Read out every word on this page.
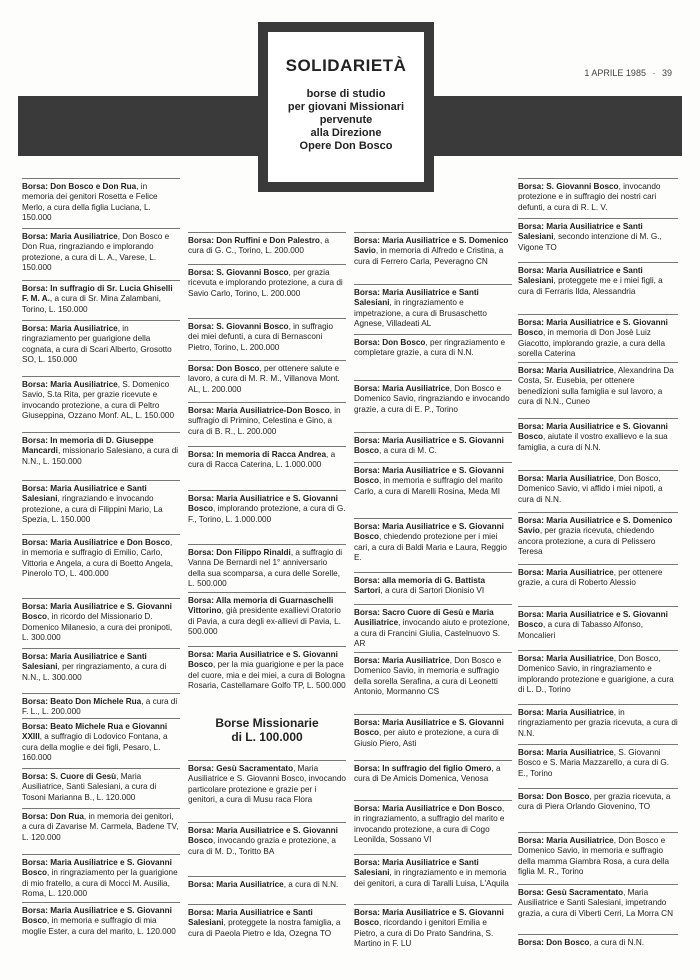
SOLIDARIETÀ
borse di studio
per giovani Missionari
pervenute
alla Direzione
Opere Don Bosco
1 APRILE 1985 · 39
Borse Missionarie
di L. 100.000
Borsa: Don Bosco e Don Rua, in memoria dei genitori Rosetta e Felice Merlo, a cura della figlia Luciana, L. 150.000
Borsa: Maria Ausiliatrice, Don Bosco e Don Rua, ringraziando e implorando protezione, a cura di L. A., Varese, L. 150.000
Borsa: In suffragio di Sr. Lucia Ghiselli F. M. A., a cura di Sr. Mina Zalambani, Torino, L. 150.000
Borsa: Maria Ausiliatrice, in ringraziamento per guarigione della cognata, a cura di Scari Alberto, Grosotto SO, L. 150.000
Borsa: Maria Ausiliatrice, S. Domenico Savio, S.ta Rita, per grazie ricevute e invocando protezione, a cura di Peltro Giuseppina, Ozzano Monf. AL, L. 150.000
Borsa: In memoria di D. Giuseppe Mancardi, missionario Salesiano, a cura di N.N., L. 150.000
Borsa: Maria Ausiliatrice e Santi Salesiani, ringraziando e invocando protezione, a cura di Filippini Mario, La Spezia, L. 150.000
Borsa: Maria Ausiliatrice e Don Bosco, in memoria e suffragio di Emilio, Carlo, Vittoria e Angela, a cura di Boetto Angela, Pinerolo TO, L. 400.000
Borsa: Maria Ausiliatrice e S. Giovanni Bosco, in ricordo del Missionario D. Domenico Milanesio, a cura dei pronipoti, L. 300.000
Borsa: Maria Ausiliatrice e Santi Salesiani, per ringraziamento, a cura di N.N., L. 300.000
Borsa: Beato Don Michele Rua, a cura di F. L., L. 200.000
Borsa: Beato Michele Rua e Giovanni XXIII, a suffragio di Lodovico Fontana, a cura della moglie e dei figli, Pesaro, L. 160.000
Borsa: S. Cuore di Gesù, Maria Ausiliatrice, Santi Salesiani, a cura di Tosoni Marianna B., L. 120.000
Borsa: Don Rua, in memoria dei genitori, a cura di Zavarise M. Carmela, Badene TV, L. 120.000
Borsa: Maria Ausiliatrice e S. Giovanni Bosco, in ringraziamento per la guarigione di mio fratello, a cura di Mocci M. Ausilia, Roma, L. 120.000
Borsa: Maria Ausiliatrice e S. Giovanni Bosco, in memoria e suffragio di mia moglie Ester, a cura del marito, L. 120.000
Borsa: Don Ruffini e Don Palestro, a cura di G. C., Torino, L. 200.000
Borsa: S. Giovanni Bosco, per grazia ricevuta e implorando protezione, a cura di Savio Carlo, Torino, L. 200.000
Borsa: S. Giovanni Bosco, in suffragio dei miei defunti, a cura di Bernasconi Pietro, Torino, L. 200.000
Borsa: Don Bosco, per ottenere salute e lavoro, a cura di M. R. M., Villanova Mont. AL, L. 200.000
Borsa: Maria Ausiliatrice-Don Bosco, in suffragio di Primino, Celestina e Gino, a cura di B. R., L. 200.000
Borsa: In memoria di Racca Andrea, a cura di Racca Caterina, L. 1.000.000
Borsa: Maria Ausiliatrice e S. Giovanni Bosco, implorando protezione, a cura di G. F., Torino, L. 1.000.000
Borsa: Don Filippo Rinaldi, a suffragio di Vanna De Bernardi nel 1° anniversario della sua scomparsa, a cura delle Sorelle, L. 500.000
Borsa: Alla memoria di Guarnaschelli Vittorino, già presidente exallievi Oratorio di Pavia, a cura degli ex-allievi di Pavia, L. 500.000
Borsa: Maria Ausiliatrice e S. Giovanni Bosco, per la mia guarigione e per la pace del cuore, mia e dei miei, a cura di Bologna Rosaria, Castellamare Golfo TP, L. 500.000
Borsa: Gesù Sacramentato, Maria Ausiliatrice e S. Giovanni Bosco, invocando particolare protezione e grazie per i genitori, a cura di Musu raca Flora
Borsa: Maria Ausiliatrice e S. Giovanni Bosco, invocando grazia e protezione, a cura di M. D., Toritto BA
Borsa: Maria Ausiliatrice, a cura di N.N.
Borsa: Maria Ausiliatrice e Santi Salesiani, proteggete la nostra famiglia, a cura di Paeola Pietro e Ida, Ozegna TO
Borsa: Maria Ausiliatrice e S. Domenico Savio, in memoria di Alfredo e Cristina, a cura di Ferrero Carla, Peveragno CN
Borsa: Maria Ausiliatrice e Santi Salesiani, in ringraziamento e impetrazione, a cura di Brusaschetto Agnese, Villadeati AL
Borsa: Don Bosco, per ringraziamento e completare grazie, a cura di N.N.
Borsa: Maria Ausiliatrice, Don Bosco e Domenico Savio, ringraziando e invocando grazie, a cura di E. P., Torino
Borsa: Maria Ausiliatrice e S. Giovanni Bosco, a cura di M. C.
Borsa: Maria Ausiliatrice e S. Giovanni Bosco, in memoria e suffragio del marito Carlo, a cura di Marelli Rosina, Meda MI
Borsa: Maria Ausiliatrice e S. Giovanni Bosco, chiedendo protezione per i miei cari, a cura di Baldi Maria e Laura, Reggio E.
Borsa: alla memoria di G. Battista Sartori, a cura di Sartori Dionisio VI
Borsa: Sacro Cuore di Gesù e Maria Ausiliatrice, invocando aiuto e protezione, a cura di Francini Giulia, Castelnuovo S. AR
Borsa: Maria Ausiliatrice, Don Bosco e Domenico Savio, in memoria e suffragio della sorella Serafina, a cura di Leonetti Antonio, Mormanno CS
Borsa: Maria Ausiliatrice e S. Giovanni Bosco, per aiuto e protezione, a cura di Giusio Piero, Asti
Borsa: In suffragio del figlio Omero, a cura di De Amicis Domenica, Venosa
Borsa: Maria Ausiliatrice e Don Bosco, in ringraziamento, a suffragio del marito e invocando protezione, a cura di Cogo Leonilda, Sossano VI
Borsa: Maria Ausiliatrice e Santi Salesiani, in ringraziamento e in memoria dei genitori, a cura di Taralli Luisa, L'Aquila
Borsa: Maria Ausiliatrice e S. Giovanni Bosco, ricordando i genitori Emilia e Pietro, a cura di Do Prato Sandrina, S. Martino in F. LU
Borsa: S. Giovanni Bosco, invocando protezione e in suffragio dei nostri cari defunti, a cura di R. L. V.
Borsa: Maria Ausiliatrice e Santi Salesiani, secondo intenzione di M. G., Vigone TO
Borsa: Maria Ausiliatrice e Santi Salesiani, proteggete me e i miei figli, a cura di Ferraris Ilda, Alessandria
Borsa: Maria Ausiliatrice e S. Giovanni Bosco, in memoria di Don Josè Luiz Giacotto, implorando grazie, a cura della sorella Caterina
Borsa: Maria Ausiliatrice, Alexandrina Da Costa, Sr. Eusebia, per ottenere benedizioni sulla famiglia e sul lavoro, a cura di N.N., Cuneo
Borsa: Maria Ausiliatrice e S. Giovanni Bosco, aiutate il vostro exallievo e la sua famiglia, a cura di N.N.
Borsa: Maria Ausiliatrice, Don Bosco, Domenico Savio, vi affido i miei nipoti, a cura di N.N.
Borsa: Maria Ausiliatrice e S. Domenico Savio, per grazia ricevuta, chiedendo ancora protezione, a cura di Pelissero Teresa
Borsa: Maria Ausiliatrice, per ottenere grazie, a cura di Roberto Alessio
Borsa: Maria Ausiliatrice e S. Giovanni Bosco, a cura di Tabasso Alfonso, Moncalieri
Borsa: Maria Ausiliatrice, Don Bosco, Domenico Savio, in ringraziamento e implorando protezione e guarigione, a cura di L. D., Torino
Borsa: Maria Ausiliatrice, in ringraziamento per grazia ricevuta, a cura di N.N.
Borsa: Maria Ausiliatrice, S. Giovanni Bosco e S. Maria Mazzarello, a cura di G. E., Torino
Borsa: Don Bosco, per grazia ricevuta, a cura di Piera Orlando Giovenino, TO
Borsa: Maria Ausiliatrice, Don Bosco e Domenico Savio, in memoria e suffragio della mamma Giambra Rosa, a cura della figlia M. R., Torino
Borsa: Gesù Sacramentato, Maria Ausiliatrice e Santi Salesiani, impetrando grazia, a cura di Viberti Cerri, La Morra CN
Borsa: Don Bosco, a cura di N.N.
